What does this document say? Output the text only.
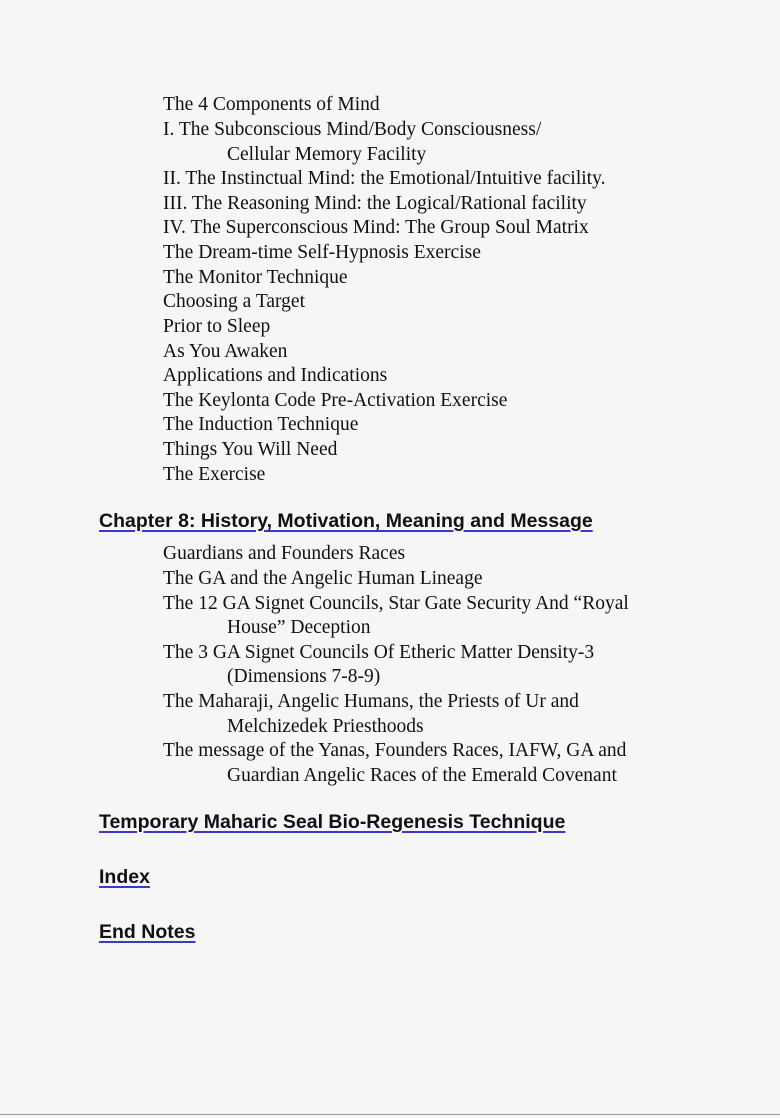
The 4 Components of Mind
I. The Subconscious Mind/Body Consciousness/
Cellular Memory Facility
II. The Instinctual Mind: the Emotional/Intuitive facility.
III. The Reasoning Mind: the Logical/Rational facility
IV. The Superconscious Mind: The Group Soul Matrix
The Dream-time Self-Hypnosis Exercise
The Monitor Technique
Choosing a Target
Prior to Sleep
As You Awaken
Applications and Indications
The Keylonta Code Pre-Activation Exercise
The Induction Technique
Things You Will Need
The Exercise
Chapter 8: History, Motivation, Meaning and Message
Guardians and Founders Races
The GA and the Angelic Human Lineage
The 12 GA Signet Councils, Star Gate Security And “Royal
House” Deception
The 3 GA Signet Councils Of Etheric Matter Density-3
(Dimensions 7-8-9)
The Maharaji, Angelic Humans, the Priests of Ur and
Melchizedek Priesthoods
The message of the Yanas, Founders Races, IAFW, GA and
Guardian Angelic Races of the Emerald Covenant
Temporary Maharic Seal Bio-Regenesis Technique
Index
End Notes
